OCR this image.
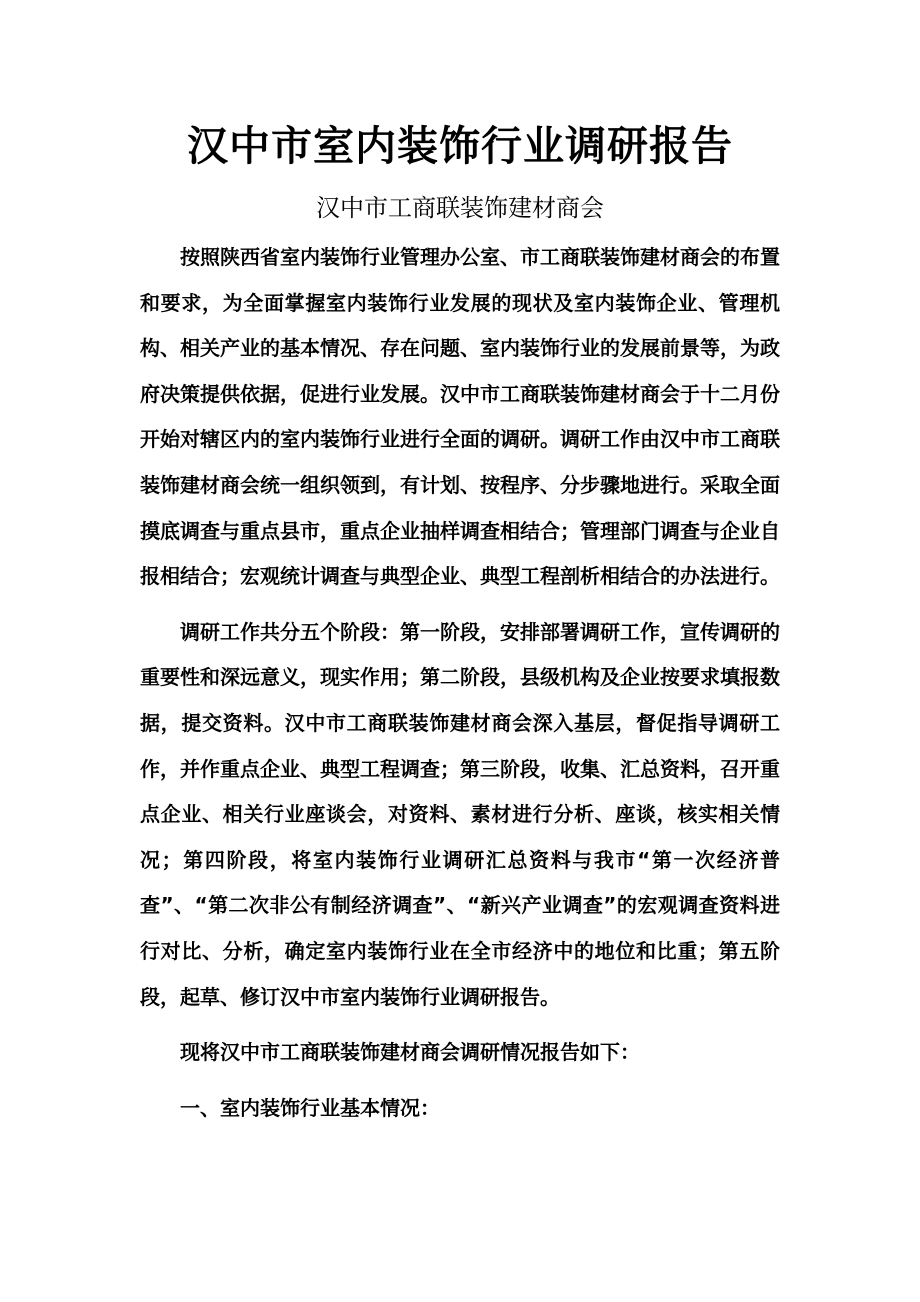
汉中市室内装饰行业调研报告
汉中市工商联装饰建材商会

按照陕西省室内装饰行业管理办公室、市工商联装饰建材商会的布置和要求，为全面掌握室内装饰行业发展的现状及室内装饰企业、管理机构、相关产业的基本情况、存在问题、室内装饰行业的发展前景等，为政府决策提供依据，促进行业发展。汉中市工商联装饰建材商会于十二月份开始对辖区内的室内装饰行业进行全面的调研。调研工作由汉中市工商联装饰建材商会统一组织领到，有计划、按程序、分步骤地进行。采取全面摸底调查与重点县市，重点企业抽样调查相结合；管理部门调查与企业自报相结合；宏观统计调查与典型企业、典型工程剖析相结合的办法进行。

调研工作共分五个阶段：第一阶段，安排部署调研工作，宣传调研的重要性和深远意义，现实作用；第二阶段，县级机构及企业按要求填报数据，提交资料。汉中市工商联装饰建材商会深入基层，督促指导调研工作，并作重点企业、典型工程调查；第三阶段，收集、汇总资料，召开重点企业、相关行业座谈会，对资料、素材进行分析、座谈，核实相关情况；第四阶段，将室内装饰行业调研汇总资料与我市“第一次经济普查”、“第二次非公有制经济调查”、“新兴产业调查”的宏观调查资料进行对比、分析，确定室内装饰行业在全市经济中的地位和比重；第五阶段，起草、修订汉中市室内装饰行业调研报告。

现将汉中市工商联装饰建材商会调研情况报告如下：

一、室内装饰行业基本情况：
